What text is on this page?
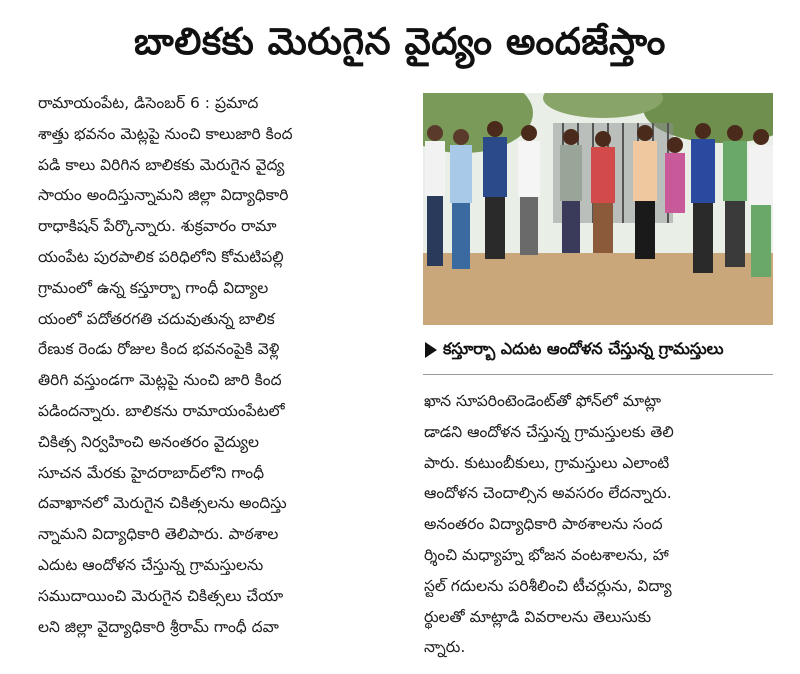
బాలికకు మెరుగైన వైద్యం అందజేస్తాం
రామాయంపేట, డిసెంబర్ 6 : ప్రమాద
శాత్తు భవనం మెట్లపై నుంచి కాలుజారి కింద
పడి కాలు విరిగిన బాలికకు మెరుగైన వైద్య
సాయం అందిస్తున్నామని జిల్లా విద్యాధికారి
రాధాకిషన్ పేర్కొన్నారు. శుక్రవారం రామా
యంపేట పురపాలిక పరిధిలోని కోమటిపల్లి
గ్రామంలో ఉన్న కస్తూర్బా గాంధీ విద్యాల
యంలో పదోతరగతి చదువుతున్న బాలిక
రేణుక రెండు రోజుల కింద భవనంపైకి వెళ్లి
తిరిగి వస్తుండగా మెట్లపై నుంచి జారి కింద
పడిందన్నారు. బాలికను రామాయంపేటలో
చికిత్స నిర్వహించి అనంతరం వైద్యుల
సూచన మేరకు హైదరాబాద్‌లోని గాంధీ
దవాఖానలో మెరుగైన చికిత్సలను అందిస్తు
న్నామని విద్యాధికారి తెలిపారు. పాఠశాల
ఎదుట ఆందోళన చేస్తున్న గ్రామస్తులను
సముదాయించి మెరుగైన చికిత్సలు చేయా
లని జిల్లా వైద్యాధికారి శ్రీరామ్ గాంధీ దవా
కస్తూర్బా ఎదుట ఆందోళన చేస్తున్న గ్రామస్తులు
ఖాన సూపరింటెండెంట్‌తో ఫోన్‌లో మాట్లా
డాడని ఆందోళన చేస్తున్న గ్రామస్తులకు తెలి
పారు. కుటుంబీకులు, గ్రామస్తులు ఎలాంటి
ఆందోళన చెందాల్సిన అవసరం లేదన్నారు.
అనంతరం విద్యాధికారి పాఠశాలను సంద
ర్శించి మధ్యాహ్న భోజన వంటశాలను, హా
స్టల్ గదులను పరిశీలించి టీచర్లును, విద్యా
ర్థులతో మాట్లాడి వివరాలను తెలుసుకు
న్నారు.
